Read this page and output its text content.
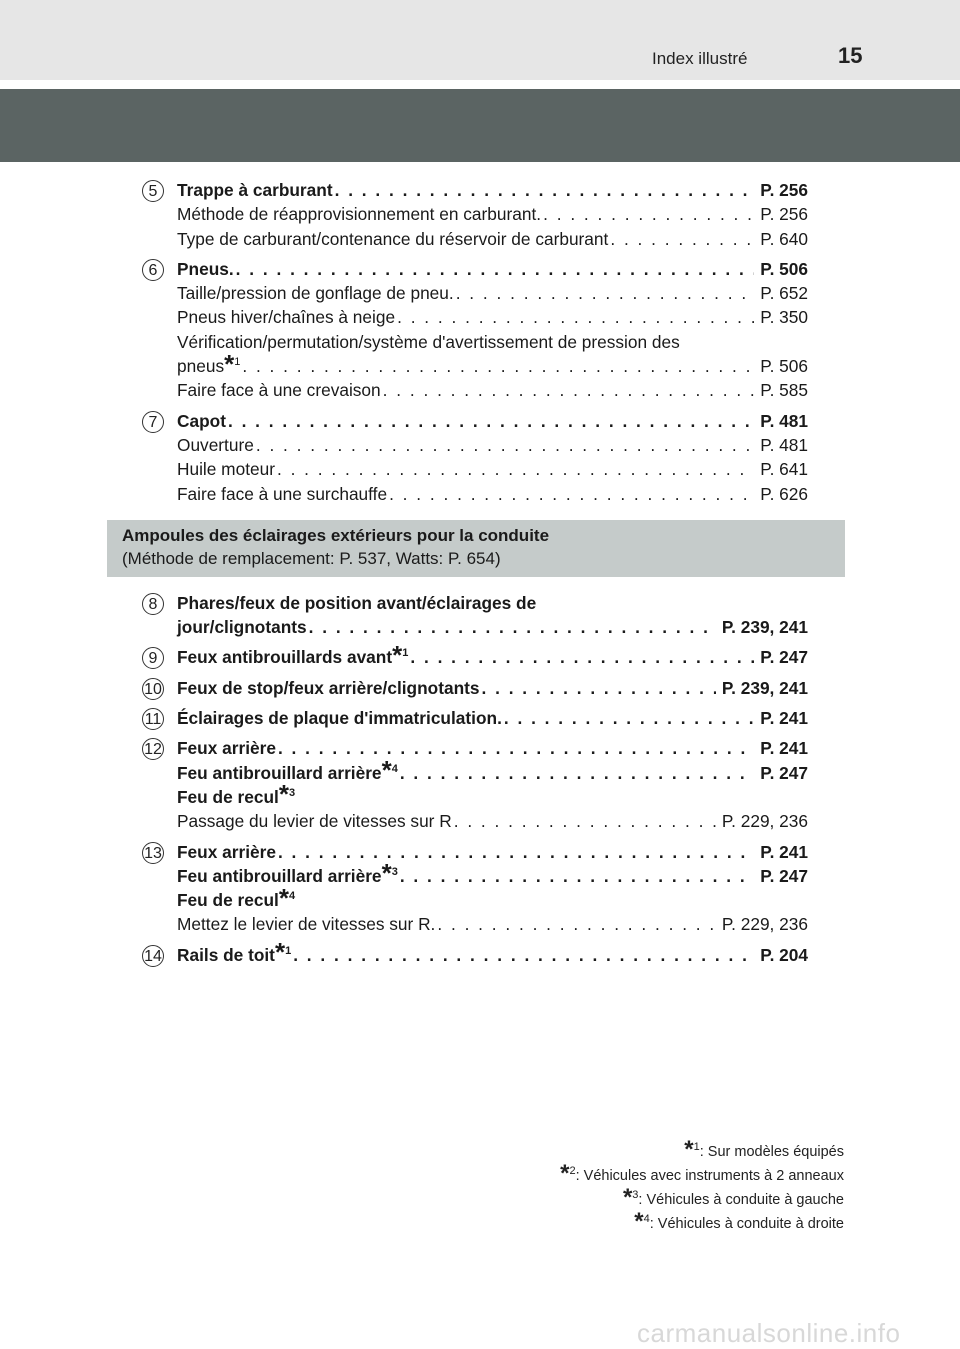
Index illustré	15
5	Trappe à carburant . . .	P. 256
Méthode de réapprovisionnement en carburant. . . .	P. 256
Type de carburant/contenance du réservoir de carburant . . .	P. 640
6	Pneus. . . .	P. 506
Taille/pression de gonflage de pneu. . . .	P. 652
Pneus hiver/chaînes à neige . . .	P. 350
Vérification/permutation/système d'avertissement de pression des
pneus*$^1$ . . .	P. 506
Faire face à une crevaison . . .	P. 585
7	Capot . . .	P. 481
Ouverture . . .	P. 481
Huile moteur . . .	P. 641
Faire face à une surchauffe . . .	P. 626
Ampoules des éclairages extérieurs pour la conduite
(Méthode de remplacement: P. 537, Watts: P. 654)
8	Phares/feux de position avant/éclairages de
jour/clignotants . . .	P. 239, 241
9	Feux antibrouillards avant*$^1$ . . .	P. 247
10 Feux de stop/feux arrière/clignotants . . .	P. 239, 241
11 Éclairages de plaque d'immatriculation. . . .	P. 241
12 Feux arrière . . .	P. 241
Feu antibrouillard arrière*$^4$ . . .	P. 247
Feu de recul*$^3$
Passage du levier de vitesses sur R . . .	P. 229, 236
13 Feux arrière . . .	P. 241
Feu antibrouillard arrière*$^3$ . . .	P. 247
Feu de recul*$^4$
Mettez le levier de vitesses sur R. . . .	P. 229, 236
14 Rails de toit*$^1$ . . .	P. 204
*$^1$: Sur modèles équipés
*$^2$: Véhicules avec instruments à 2 anneaux
*$^3$: Véhicules à conduite à gauche
*$^4$: Véhicules à conduite à droite
carmanualsonline.info
